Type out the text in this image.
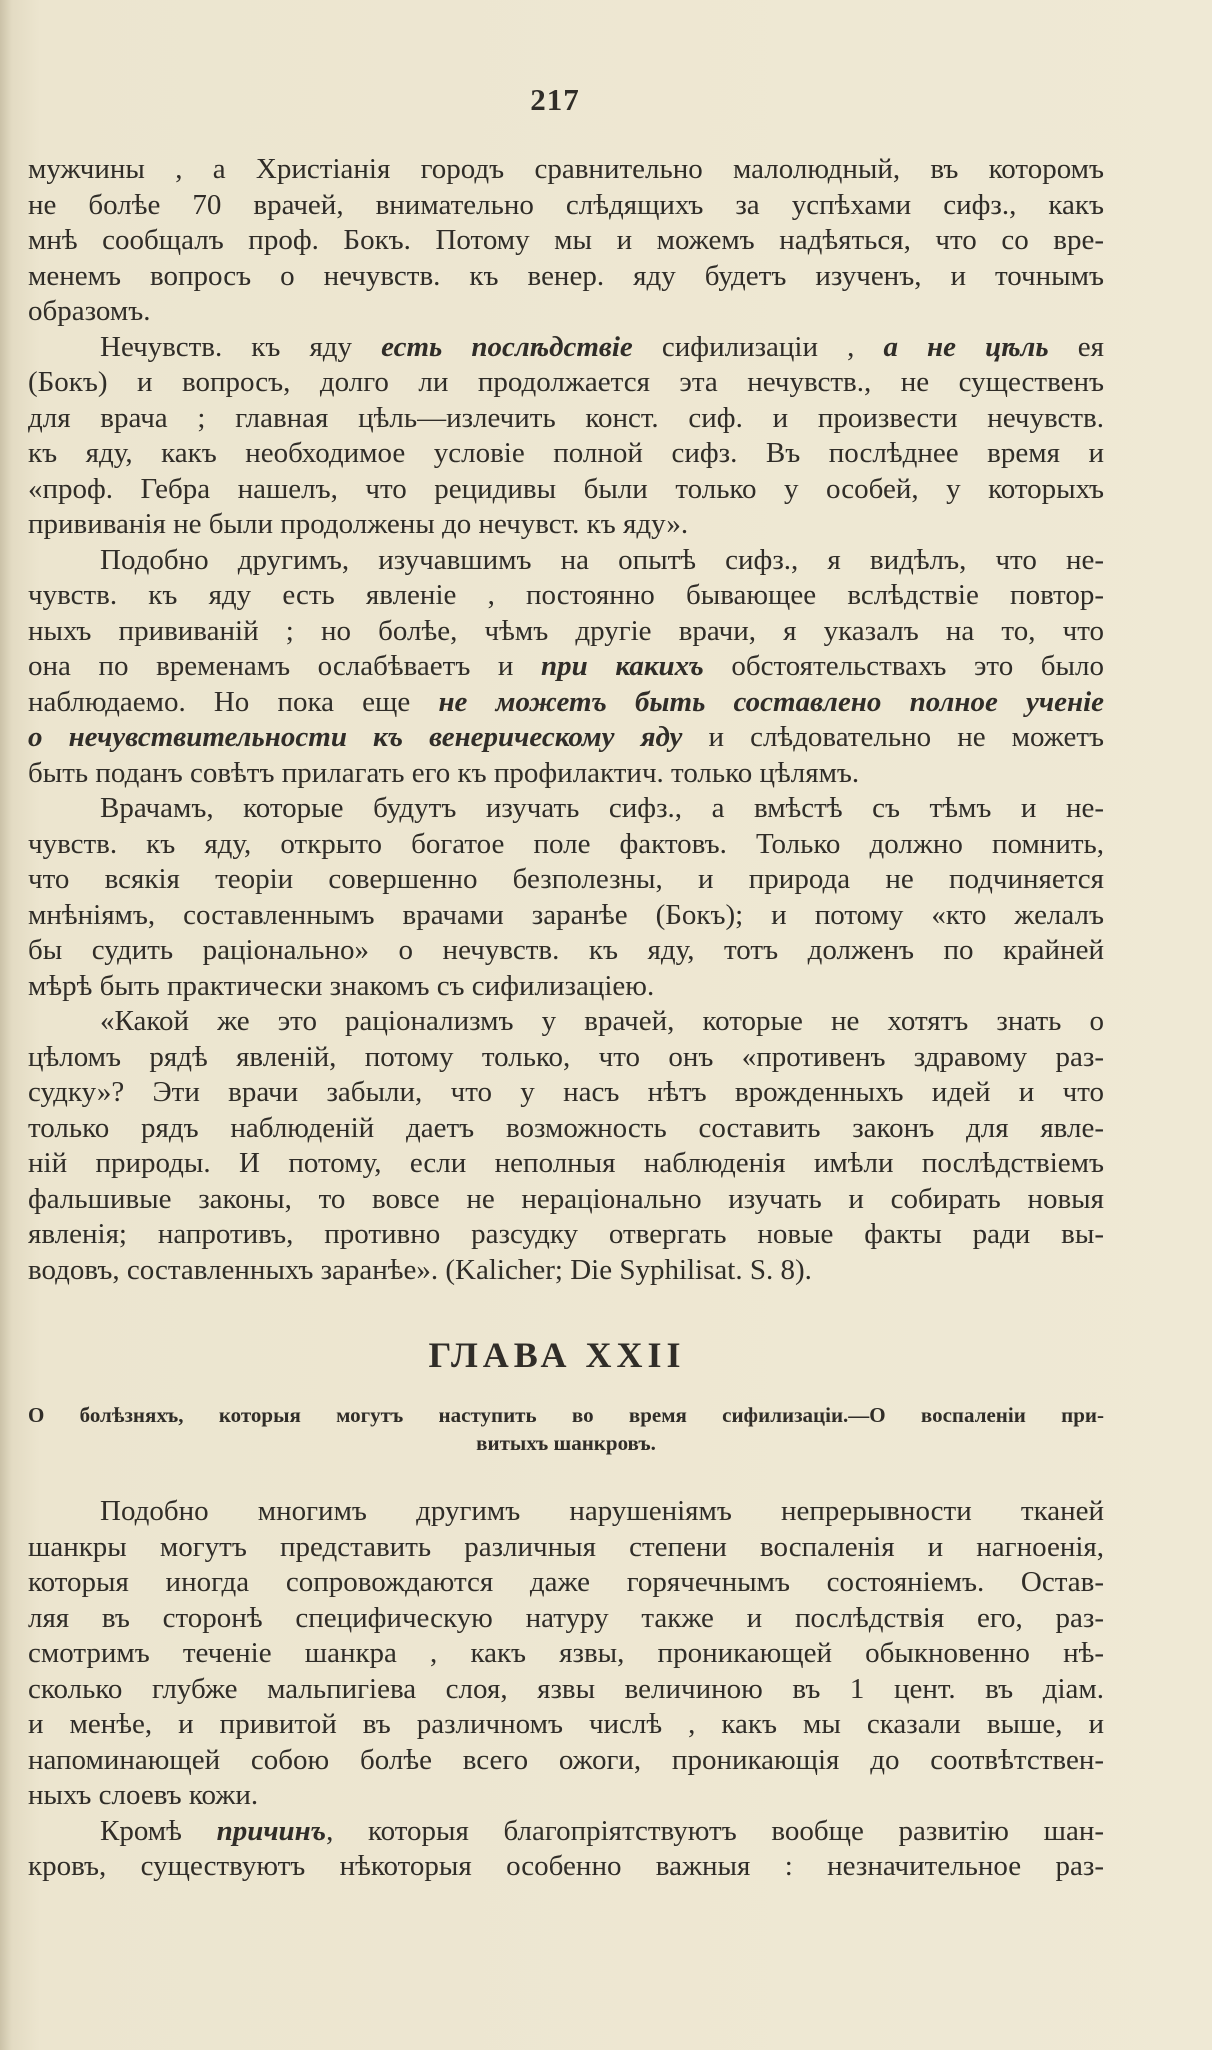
217
мужчины , а Христіанія городъ сравнительно малолюдный, въ которомъ
не болѣе 70 врачей, внимательно слѣдящихъ за успѣхами сифз., какъ
мнѣ сообщалъ проф. Бокъ. Потому мы и можемъ надѣяться, что со вре-
менемъ вопросъ о нечувств. къ венер. яду будетъ изученъ, и точнымъ
образомъ.
Нечувств. къ яду есть послѣдствіе сифилизаціи , а не цѣль ея
(Бокъ) и вопросъ, долго ли продолжается эта нечувств., не существенъ
для врача ; главная цѣль—излечить конст. сиф. и произвести нечувств.
къ яду, какъ необходимое условіе полной сифз. Въ послѣднее время и
«проф. Гебра нашелъ, что рецидивы были только у особей, у которыхъ
прививанія не были продолжены до нечувст. къ яду».
Подобно другимъ, изучавшимъ на опытѣ сифз., я видѣлъ, что не-
чувств. къ яду есть явленіе , постоянно бывающее вслѣдствіе повтор-
ныхъ прививаній ; но болѣе, чѣмъ другіе врачи, я указалъ на то, что
она по временамъ ослабѣваетъ и при какихъ обстоятельствахъ это было
наблюдаемо. Но пока еще не можетъ быть составлено полное ученіе
о нечувствительности къ венерическому яду и слѣдовательно не можетъ
быть поданъ совѣтъ прилагать его къ профилактич. только цѣлямъ.
Врачамъ, которые будутъ изучать сифз., а вмѣстѣ съ тѣмъ и не-
чувств. къ яду, открыто богатое поле фактовъ. Только должно помнить,
что всякія теоріи совершенно безполезны, и природа не подчиняется
мнѣніямъ, составленнымъ врачами заранѣе (Бокъ); и потому «кто желалъ
бы судить раціонально» о нечувств. къ яду, тотъ долженъ по крайней
мѣрѣ быть практически знакомъ съ сифилизаціею.
«Какой же это раціонализмъ у врачей, которые не хотятъ знать о
цѣломъ рядѣ явленій, потому только, что онъ «противенъ здравому раз-
судку»? Эти врачи забыли, что у насъ нѣтъ врожденныхъ идей и что
только рядъ наблюденій даетъ возможность составить законъ для явле-
ній природы. И потому, если неполныя наблюденія имѣли послѣдствіемъ
фальшивые законы, то вовсе не нераціонально изучать и собирать новыя
явленія; напротивъ, противно разсудку отвергать новые факты ради вы-
водовъ, составленныхъ заранѣе». (Kalicher; Die Syphilisat. S. 8).
ГЛАВА XXII
О болѣзняхъ, которыя могутъ наступить во время сифилизаціи.—О воспаленіи при-
витыхъ шанкровъ.
Подобно многимъ другимъ нарушеніямъ непрерывности тканей
шанкры могутъ представить различныя степени воспаленія и нагноенія,
которыя иногда сопровождаются даже горячечнымъ состояніемъ. Остав-
ляя въ сторонѣ специфическую натуру также и послѣдствія его, раз-
смотримъ теченіе шанкра , какъ язвы, проникающей обыкновенно нѣ-
сколько глубже мальпигіева слоя, язвы величиною въ 1 цент. въ діам.
и менѣе, и привитой въ различномъ числѣ , какъ мы сказали выше, и
напоминающей собою болѣе всего ожоги, проникающія до соотвѣтствен-
ныхъ слоевъ кожи.
Кромѣ причинъ, которыя благопріятствуютъ вообще развитію шан-
кровъ, существуютъ нѣкоторыя особенно важныя : незначительное раз-
